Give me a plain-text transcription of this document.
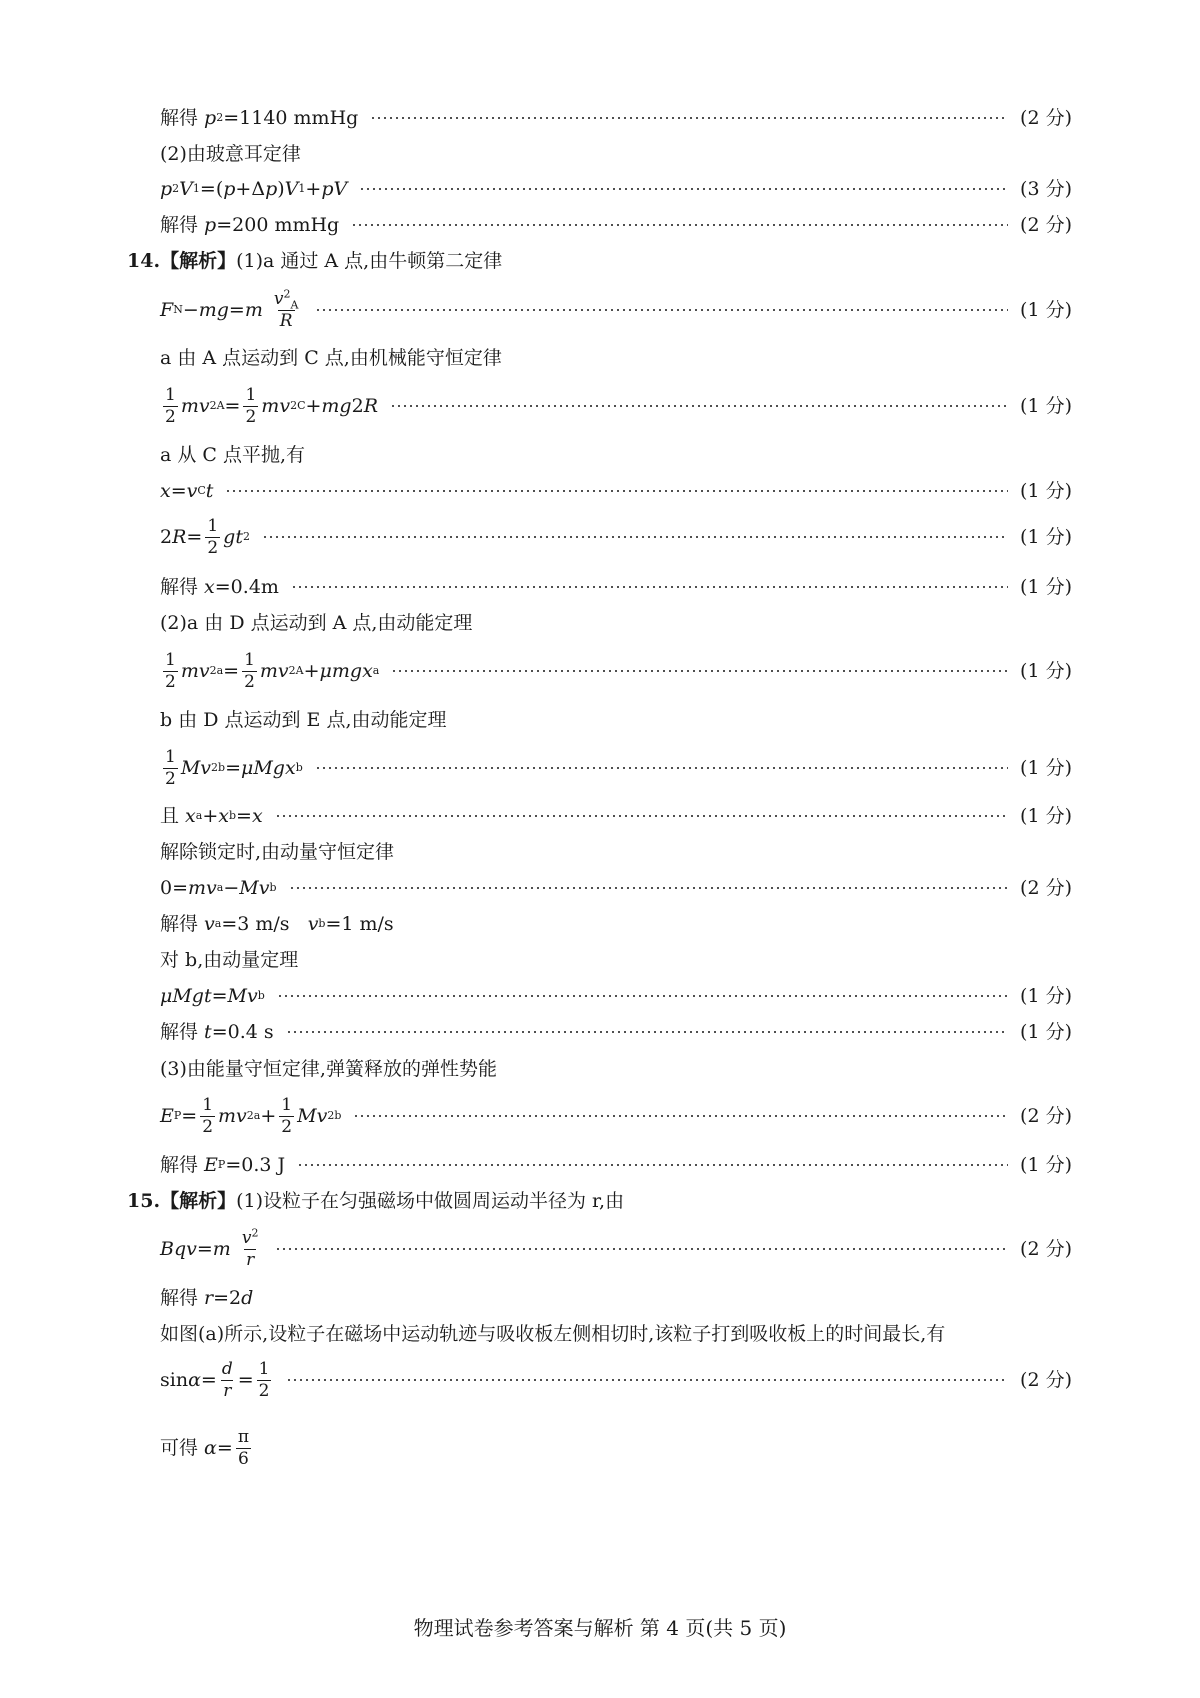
解得 p 2 =1140 mmHg	(2 分)
(2)由玻意耳定律
p 2 V 1 =( p +Δ p ) V 1 + pV	(3 分)
解得 p =200 mmHg	(2 分)
14. 【解析】 (1)a 通过 A 点,由牛顿第二定律
F N − mg = m
$\frac{v^2_A}{R}$	(1 分)
a 由 A 点运动到 C 点,由机械能守恒定律
$\frac{1}{2}$ mv 2 $A = \frac{1}{2}$ mv 2 C + mg 2 R	(1 分)
a 从 C 点平抛,有
x = v C t	(1 分)
2 $R = \frac{1}{2}$ gt 2	(1 分)
解得 x =0.4m	(1 分)
(2)a 由 D 点运动到 A 点,由动能定理
$\frac{1}{2}$ mv 2 $a = \frac{1}{2}$ mv 2 A + μmgx a	(1 分)
b 由 D 点运动到 E 点,由动能定理
$\frac{1}{2}$ Mv 2 b = μMgx b	(1 分)
且 x a + x b = x	(1 分)
解除锁定时,由动量守恒定律
0= mv a − Mv b	(2 分)
解得 v a =3 m/s v b =1 m/s
对 b,由动量定理
μMgt = Mv b	(1 分)
解得 t =0.4 s	(1 分)
(3)由能量守恒定律,弹簧释放的弹性势能
E $P = \frac{1}{2}$ mv 2 $a + \frac{1}{2}$ Mv 2 b	(2 分)
解得 E P =0.3 J	(1 分)
15. 【解析】 (1)设粒子在匀强磁场中做圆周运动半径为 r,由
Bqv = m
$\frac{v^2}{r}$	(2 分)
解得 r =2 d
如图(a)所示,设粒子在磁场中运动轨迹与吸收板左侧相切时,该粒子打到吸收板上的时间最长,有
$\sin \alpha = \frac{d}{r} = \frac{1}{2}$	(2 分)
可得 $\alpha = \frac{\pi}{6}$
物理试卷参考答案与解析 第 4 页(共 5 页)
